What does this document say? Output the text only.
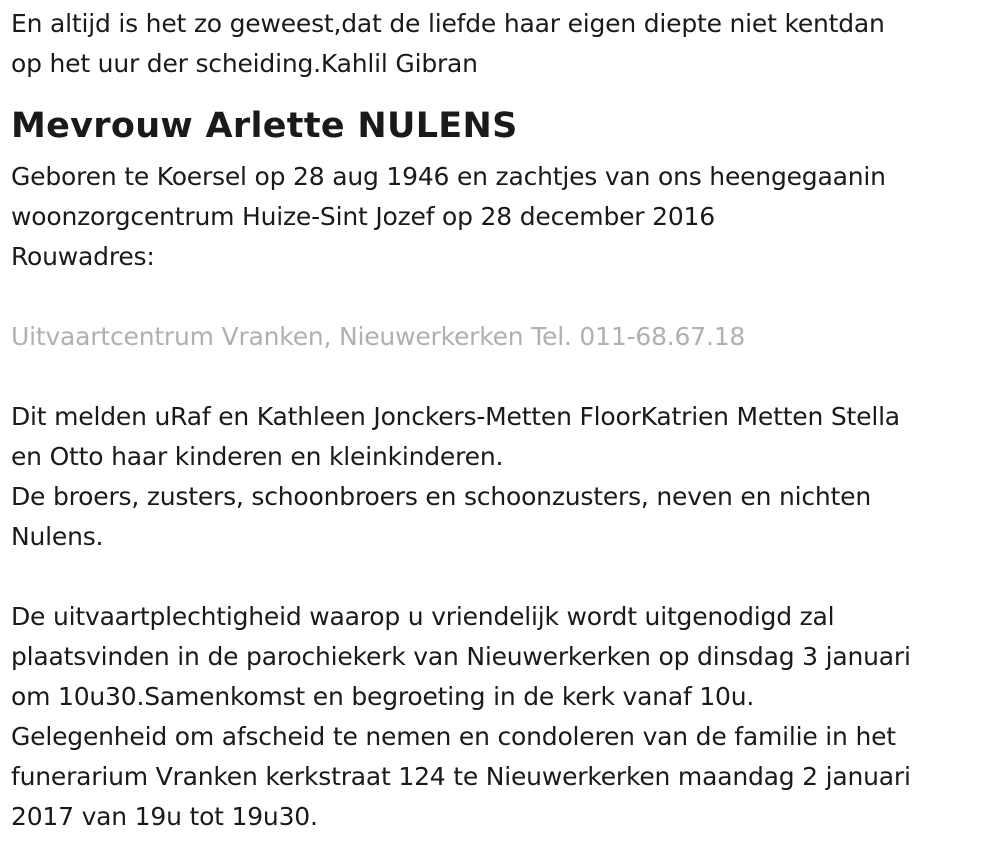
En altijd is het zo geweest,dat de liefde haar eigen diepte niet kentdan
op het uur der scheiding.Kahlil Gibran
Mevrouw Arlette NULENS
Geboren te Koersel op 28 aug 1946 en zachtjes van ons heengegaanin
woonzorgcentrum Huize-Sint Jozef op 28 december 2016
Rouwadres:
Uitvaartcentrum Vranken, Nieuwerkerken Tel. 011-68.67.18
Dit melden uRaf en Kathleen Jonckers-Metten FloorKatrien Metten Stella
en Otto haar kinderen en kleinkinderen.
De broers, zusters, schoonbroers en schoonzusters, neven en nichten
Nulens.
De uitvaartplechtigheid waarop u vriendelijk wordt uitgenodigd zal
plaatsvinden in de parochiekerk van Nieuwerkerken op dinsdag 3 januari
om 10u30.Samenkomst en begroeting in de kerk vanaf 10u.
Gelegenheid om afscheid te nemen en condoleren van de familie in het
funerarium Vranken kerkstraat 124 te Nieuwerkerken maandag 2 januari
2017 van 19u tot 19u30.
